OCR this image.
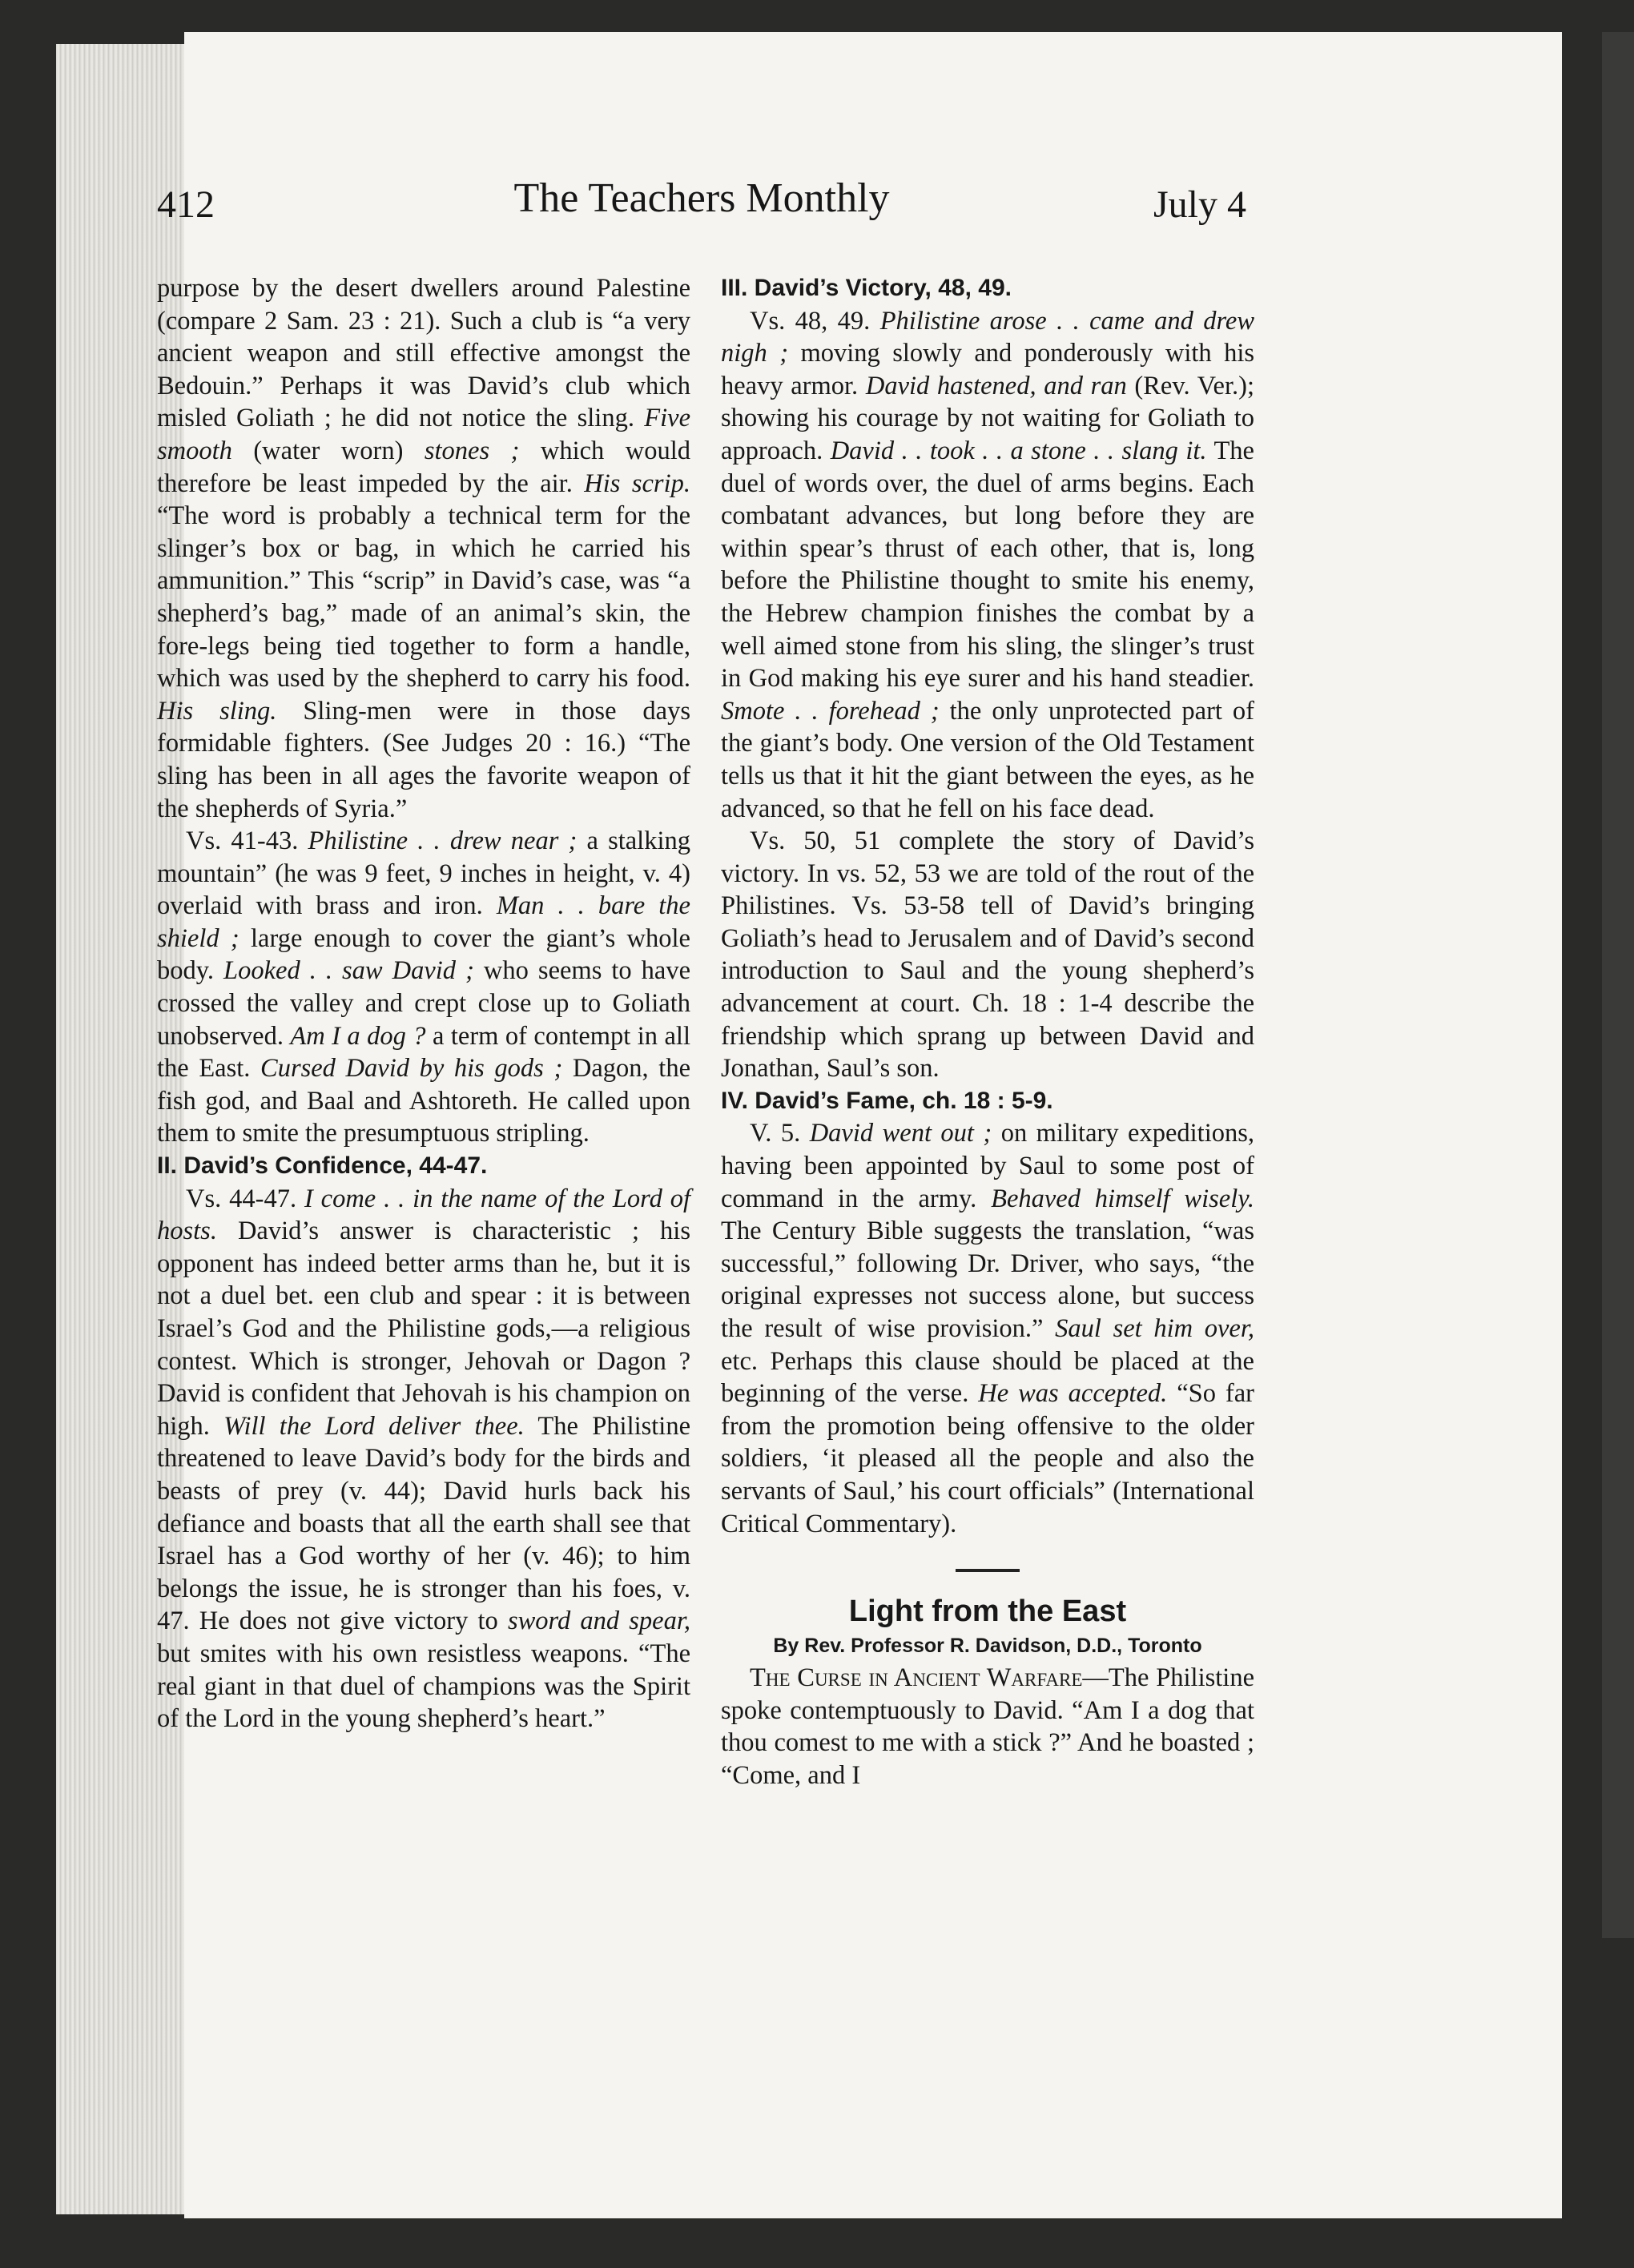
412	The Teachers Monthly	July 4

purpose by the desert dwellers around Palestine (compare 2 Sam. 23 : 21). Such a club is “a very ancient weapon and still effective amongst the Bedouin.” Perhaps it was David’s club which misled Goliath ; he did not notice the sling. Five smooth (water worn) stones ; which would therefore be least impeded by the air. His scrip. “The word is probably a technical term for the slinger’s box or bag, in which he carried his ammunition.” This “scrip” in David’s case, was “a shepherd’s bag,” made of an animal’s skin, the fore-legs being tied together to form a handle, which was used by the shepherd to carry his food. His sling. Sling-men were in those days formidable fighters. (See Judges 20 : 16.) “The sling has been in all ages the favorite weapon of the shepherds of Syria.”

Vs. 41-43. Philistine . . drew near ; a stalking mountain” (he was 9 feet, 9 inches in height, v. 4) overlaid with brass and iron. Man . . bare the shield ; large enough to cover the giant’s whole body. Looked . . saw David ; who seems to have crossed the valley and crept close up to Goliath unobserved. Am I a dog ? a term of contempt in all the East. Cursed David by his gods ; Dagon, the fish god, and Baal and Ashtoreth. He called upon them to smite the presumptuous stripling.

II. David’s Confidence, 44-47.

Vs. 44-47. I come . . in the name of the Lord of hosts. David’s answer is characteristic ; his opponent has indeed better arms than he, but it is not a duel bet. een club and spear : it is between Israel’s God and the Philistine gods,—a religious contest. Which is stronger, Jehovah or Dagon ? David is confident that Jehovah is his champion on high. Will the Lord deliver thee. The Philistine threatened to leave David’s body for the birds and beasts of prey (v. 44); David hurls back his defiance and boasts that all the earth shall see that Israel has a God worthy of her (v. 46); to him belongs the issue, he is stronger than his foes, v. 47. He does not give victory to sword and spear, but smites with his own resistless weapons. “The real giant in that duel of champions was the Spirit of the Lord in the young shepherd’s heart.”

III. David’s Victory, 48, 49.

Vs. 48, 49. Philistine arose . . came and drew nigh ; moving slowly and ponderously with his heavy armor. David hastened, and ran (Rev. Ver.); showing his courage by not waiting for Goliath to approach. David . . took . . a stone . . slang it. The duel of words over, the duel of arms begins. Each combatant advances, but long before they are within spear’s thrust of each other, that is, long before the Philistine thought to smite his enemy, the Hebrew champion finishes the combat by a well aimed stone from his sling, the slinger’s trust in God making his eye surer and his hand steadier. Smote . . forehead ; the only unprotected part of the giant’s body. One version of the Old Testament tells us that it hit the giant between the eyes, as he advanced, so that he fell on his face dead.

Vs. 50, 51 complete the story of David’s victory. In vs. 52, 53 we are told of the rout of the Philistines. Vs. 53-58 tell of David’s bringing Goliath’s head to Jerusalem and of David’s second introduction to Saul and the young shepherd’s advancement at court. Ch. 18 : 1-4 describe the friendship which sprang up between David and Jonathan, Saul’s son.

IV. David’s Fame, ch. 18 : 5-9.

V. 5. David went out ; on military expeditions, having been appointed by Saul to some post of command in the army. Behaved himself wisely. The Century Bible suggests the translation, “was successful,” following Dr. Driver, who says, “the original expresses not success alone, but success the result of wise provision.” Saul set him over, etc. Perhaps this clause should be placed at the beginning of the verse. He was accepted. “So far from the promotion being offensive to the older soldiers, ‘it pleased all the people and also the servants of Saul,’ his court officials” (International Critical Commentary).

Light from the East
By Rev. Professor R. Davidson, D.D., Toronto

The Curse in Ancient Warfare—The Philistine spoke contemptuously to David. “Am I a dog that thou comest to me with a stick ?” And he boasted ; “Come, and I
